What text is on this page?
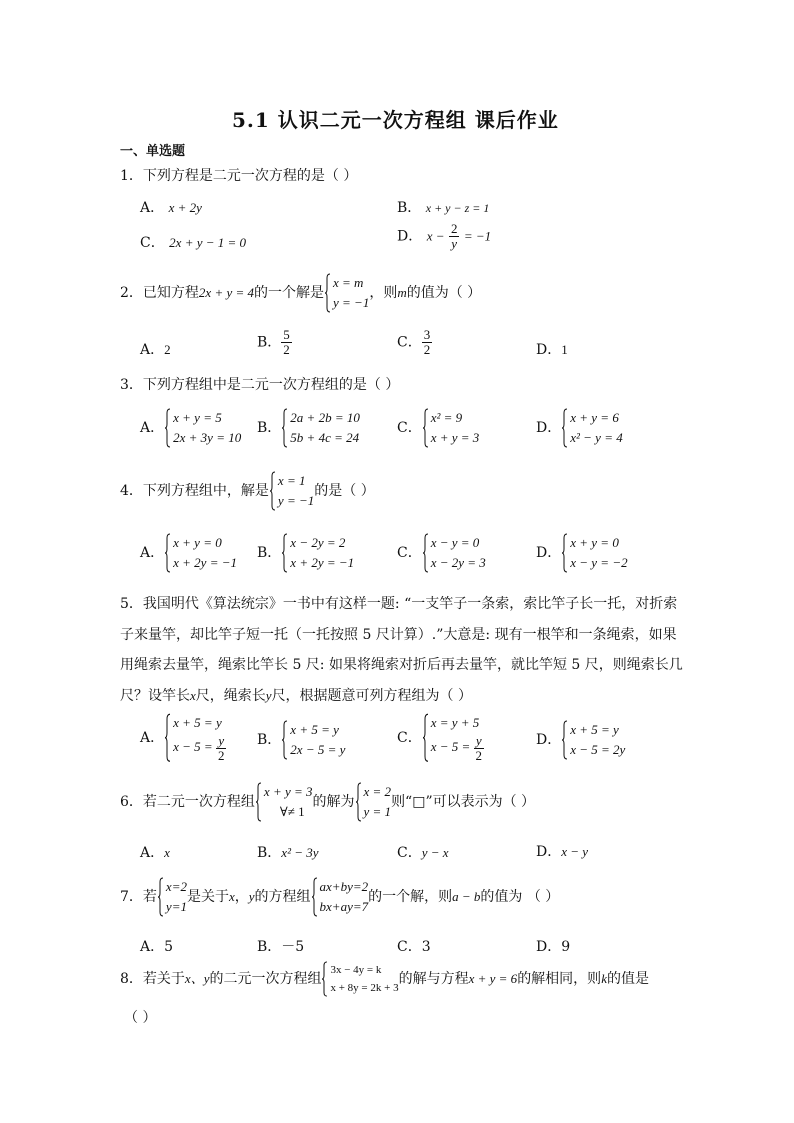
5.1 认识二元一次方程组 课后作业
一、单选题
1．下列方程是二元一次方程的是（ ）
A． x + 2y	B． x + y − z = 1
C． 2x + y − 1 = 0	D． $x - \frac{2}{y} = -1$
2．已知方程2x + y = 4的一个解是
x = m
y = −1
，则m的值为（ ）
A．2	B． $\frac{5}{2}$	C． $\frac{3}{2}$	D．1
3．下列方程组中是二元一次方程组的是（ ）
A．
x + y = 5
2x + 3y = 10
B．
2a + 2b = 10
5b + 4c = 24
C．
x² = 9
x + y = 3
D．
x + y = 6
x² − y = 4
4．下列方程组中，解是
x = 1
y = −1
的是（ ）
A．
x + y = 0
x + 2y = −1
B．
x − 2y = 2
x + 2y = −1
C．
x − y = 0
x − 2y = 3
D．
x + y = 0
x − y = −2
5．我国明代《算法统宗》一书中有这样一题: “一支竿子一条索，索比竿子长一托，对折索
子来量竿，却比竿子短一托（一托按照 5 尺计算）.”大意是: 现有一根竿和一条绳索，如果
用绳索去量竿，绳索比竿长 5 尺: 如果将绳索对折后再去量竿，就比竿短 5 尺，则绳索长几
尺？设竿长x尺，绳索长y尺，根据题意可列方程组为（ ）
A．
x + 5 = y
$x - 5 = \frac{y}{2}$ B．
x + 5 = y
2x − 5 = y
C．
x = y + 5
$x - 5 = \frac{y}{2}$	D．
x + 5 = y
x − 5 = 2y
6．若二元一次方程组
x + y = 3
∀≠ 1
的解为
x = 2
y = 1
则“□”可以表示为（ ）
A．x	B．x² − 3y	C．y − x	D．x − y
7．若
x=2
y=1
是关于x，y的方程组
ax+by=2
bx+ay=7
的一个解，则a − b的值为 （ ）
A．5	B．－5	C．3	D．9
8．若关于x、y的二元一次方程组
3x − 4y = k
x + 8y = 2k + 3
的解与方程x + y = 6的解相同，则k的值是
（ ）
